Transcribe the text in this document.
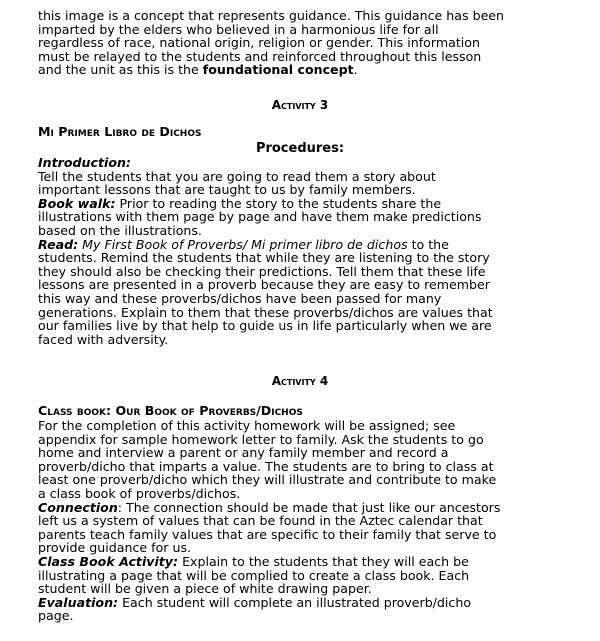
this image is a concept that represents guidance. This guidance has been
imparted by the elders who believed in a harmonious life for all
regardless of race, national origin, religion or gender. This information
must be relayed to the students and reinforced throughout this lesson
and the unit as this is the foundational concept.
Activity 3
Mi Primer Libro de Dichos
Procedures:
Introduction:
Tell the students that you are going to read them a story about
important lessons that are taught to us by family members.
Book walk: Prior to reading the story to the students share the
illustrations with them page by page and have them make predictions
based on the illustrations.
Read: My First Book of Proverbs/ Mi primer libro de dichos to the
students. Remind the students that while they are listening to the story
they should also be checking their predictions. Tell them that these life
lessons are presented in a proverb because they are easy to remember
this way and these proverbs/dichos have been passed for many
generations. Explain to them that these proverbs/dichos are values that
our families live by that help to guide us in life particularly when we are
faced with adversity.
Activity 4
Class book: Our Book of Proverbs/Dichos
For the completion of this activity homework will be assigned; see
appendix for sample homework letter to family. Ask the students to go
home and interview a parent or any family member and record a
proverb/dicho that imparts a value. The students are to bring to class at
least one proverb/dicho which they will illustrate and contribute to make
a class book of proverbs/dichos.
Connection: The connection should be made that just like our ancestors
left us a system of values that can be found in the Aztec calendar that
parents teach family values that are specific to their family that serve to
provide guidance for us.
Class Book Activity: Explain to the students that they will each be
illustrating a page that will be complied to create a class book. Each
student will be given a piece of white drawing paper.
Evaluation: Each student will complete an illustrated proverb/dicho
page.
